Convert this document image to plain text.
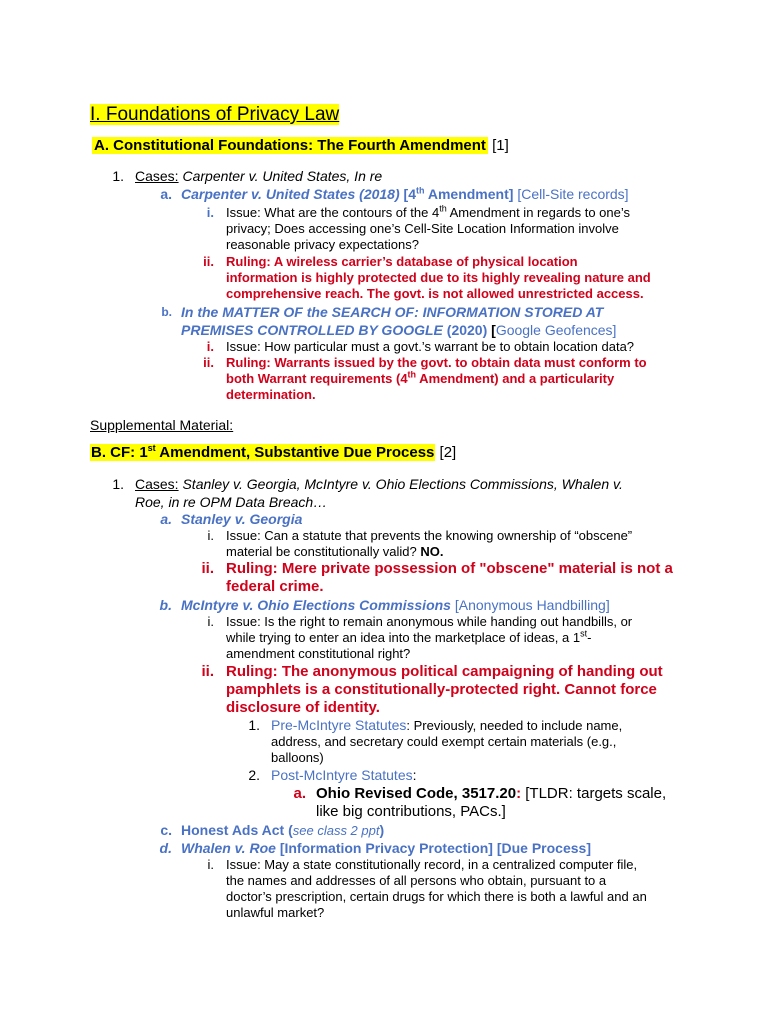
I. Foundations of Privacy Law
A. Constitutional Foundations: The Fourth Amendment [1]
1. Cases: Carpenter v. United States, In re
a. Carpenter v. United States (2018) [4th Amendment] [Cell-Site records]
i. Issue: What are the contours of the 4th Amendment in regards to one’s
privacy; Does accessing one’s Cell-Site Location Information involve
reasonable privacy expectations?
ii. Ruling: A wireless carrier’s database of physical location
information is highly protected due to its highly revealing nature and
comprehensive reach. The govt. is not allowed unrestricted access.
b. In the MATTER OF the SEARCH OF: INFORMATION STORED AT
PREMISES CONTROLLED BY GOOGLE (2020) [Google Geofences]
i. Issue: How particular must a govt.’s warrant be to obtain location data?
ii. Ruling: Warrants issued by the govt. to obtain data must conform to
both Warrant requirements (4th Amendment) and a particularity
determination.
Supplemental Material:
B. CF: 1st Amendment, Substantive Due Process [2]
1. Cases: Stanley v. Georgia, McIntyre v. Ohio Elections Commissions, Whalen v.
Roe, in re OPM Data Breach…
a. Stanley v. Georgia
i. Issue: Can a statute that prevents the knowing ownership of “obscene”
material be constitutionally valid? NO.
ii. Ruling: Mere private possession of "obscene" material is not a
federal crime.
b. McIntyre v. Ohio Elections Commissions [Anonymous Handbilling]
i. Issue: Is the right to remain anonymous while handing out handbills, or
while trying to enter an idea into the marketplace of ideas, a 1st-
amendment constitutional right?
ii. Ruling: The anonymous political campaigning of handing out
pamphlets is a constitutionally-protected right. Cannot force
disclosure of identity.
1. Pre-McIntyre Statutes: Previously, needed to include name,
address, and secretary could exempt certain materials (e.g.,
balloons)
2. Post-McIntyre Statutes:
a. Ohio Revised Code, 3517.20: [TLDR: targets scale,
like big contributions, PACs.]
c. Honest Ads Act (see class 2 ppt)
d. Whalen v. Roe [Information Privacy Protection] [Due Process]
i. Issue: May a state constitutionally record, in a centralized computer file,
the names and addresses of all persons who obtain, pursuant to a
doctor’s prescription, certain drugs for which there is both a lawful and an
unlawful market?
